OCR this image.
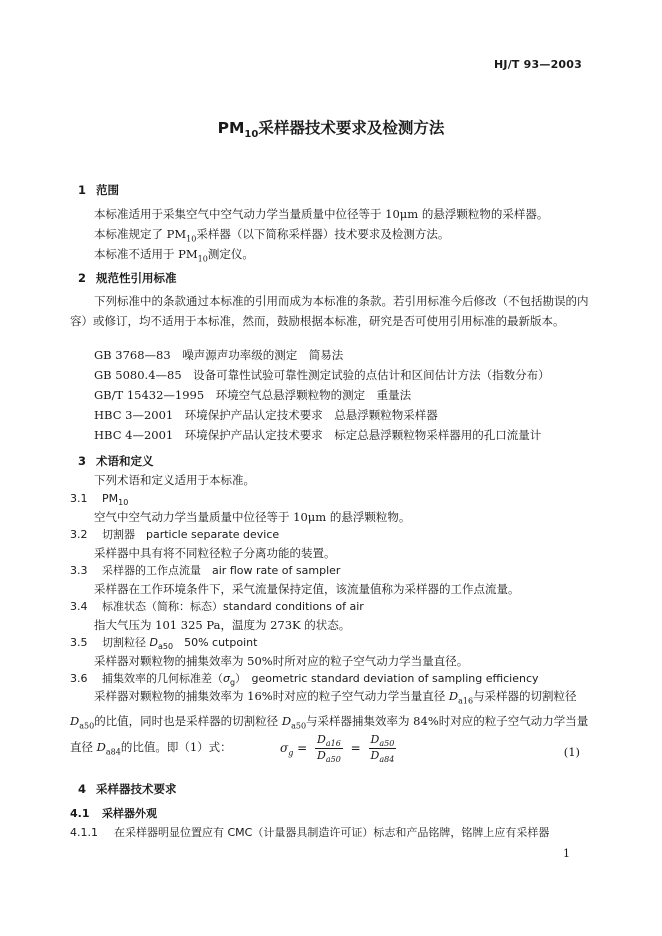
HJ/T 93—2003
$PM_{10}$采样器技术要求及检测方法
1 范围
本标准适用于采集空气中空气动力学当量质量中位径等于 10μm 的悬浮颗粒物的采样器。
本标准规定了 $PM_{10}$采样器（以下简称采样器）技术要求及检测方法。
本标准不适用于 $PM_{10}$测定仪。
2 规范性引用标准
下列标准中的条款通过本标准的引用而成为本标准的条款。若引用标准今后修改（不包括勘误的内容）或修订，均不适用于本标准，然而，鼓励根据本标准，研究是否可使用引用标准的最新版本。
GB 3768—83　噪声源声功率级的测定　简易法
GB 5080.4—85　设备可靠性试验可靠性测定试验的点估计和区间估计方法（指数分布）
GB/T 15432—1995　环境空气总悬浮颗粒物的测定　重量法
HBC 3—2001　环境保护产品认定技术要求　总悬浮颗粒物采样器
HBC 4—2001　环境保护产品认定技术要求　标定总悬浮颗粒物采样器用的孔口流量计
3 术语和定义
下列术语和定义适用于本标准。
3.1 $PM_{10}$
空气中空气动力学当量质量中位径等于 10μm 的悬浮颗粒物。
3.2 切割器　particle separate device
采样器中具有将不同粒径粒子分离功能的装置。
3.3 采样器的工作点流量　air flow rate of sampler
采样器在工作环境条件下，采气流量保持定值，该流量值称为采样器的工作点流量。
3.4 标准状态（简称：标态）standard conditions of air
指大气压为 101 325 Pa，温度为 273K 的状态。
3.5 切割粒径 $D_{a50}$　50% cutpoint
采样器对颗粒物的捕集效率为 50%时所对应的粒子空气动力学当量直径。
3.6 捕集效率的几何标准差$(\sigma_g)$　geometric standard deviation of sampling efficiency
采样器对颗粒物的捕集效率为 16%时对应的粒子空气动力学当量直径 $D_{a16}$与采样器的切割粒径 $D_{a50}$的比值，同时也是采样器的切割粒径 $D_{a50}$与采样器捕集效率为 84%时对应的粒子空气动力学当量直径 $D_{a84}$的比值。即（1）式：	$\sigma_g = \frac{D_{a16}}{D_{a50}} = \frac{D_{a50}}{D_{a84}}$	(1)
4 采样器技术要求
4.1 采样器外观
4.1.1 在采样器明显位置应有 CMC（计量器具制造许可证）标志和产品铭牌，铭牌上应有采样器
1
